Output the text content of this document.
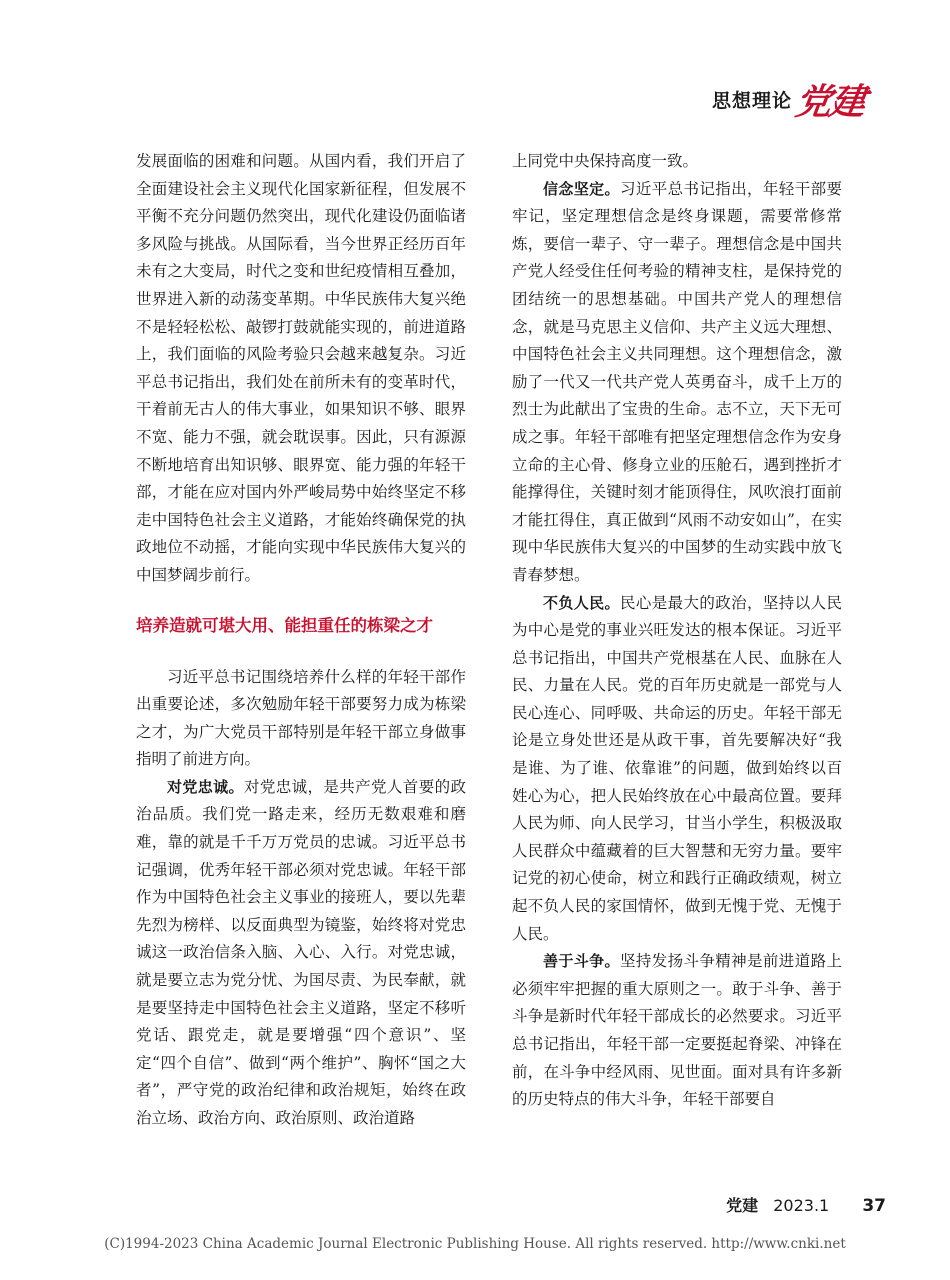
思想理论 党建

发展面临的困难和问题。从国内看，我们开启了全面建设社会主义现代化国家新征程，但发展不平衡不充分问题仍然突出，现代化建设仍面临诸多风险与挑战。从国际看，当今世界正经历百年未有之大变局，时代之变和世纪疫情相互叠加，世界进入新的动荡变革期。中华民族伟大复兴绝不是轻轻松松、敲锣打鼓就能实现的，前进道路上，我们面临的风险考验只会越来越复杂。习近平总书记指出，我们处在前所未有的变革时代，干着前无古人的伟大事业，如果知识不够、眼界不宽、能力不强，就会耽误事。因此，只有源源不断地培育出知识够、眼界宽、能力强的年轻干部，才能在应对国内外严峻局势中始终坚定不移走中国特色社会主义道路，才能始终确保党的执政地位不动摇，才能向实现中华民族伟大复兴的中国梦阔步前行。

培养造就可堪大用、能担重任的栋梁之才

习近平总书记围绕培养什么样的年轻干部作出重要论述，多次勉励年轻干部要努力成为栋梁之才，为广大党员干部特别是年轻干部立身做事指明了前进方向。

对党忠诚。对党忠诚，是共产党人首要的政治品质。我们党一路走来，经历无数艰难和磨难，靠的就是千千万万党员的忠诚。习近平总书记强调，优秀年轻干部必须对党忠诚。年轻干部作为中国特色社会主义事业的接班人，要以先辈先烈为榜样、以反面典型为镜鉴，始终将对党忠诚这一政治信条入脑、入心、入行。对党忠诚，就是要立志为党分忧、为国尽责、为民奉献，就是要坚持走中国特色社会主义道路，坚定不移听党话、跟党走，就是要增强“四个意识”、坚定“四个自信”、做到“两个维护”、胸怀“国之大者”，严守党的政治纪律和政治规矩，始终在政治立场、政治方向、政治原则、政治道路

上同党中央保持高度一致。

信念坚定。习近平总书记指出，年轻干部要牢记，坚定理想信念是终身课题，需要常修常炼，要信一辈子、守一辈子。理想信念是中国共产党人经受住任何考验的精神支柱，是保持党的团结统一的思想基础。中国共产党人的理想信念，就是马克思主义信仰、共产主义远大理想、中国特色社会主义共同理想。这个理想信念，激励了一代又一代共产党人英勇奋斗，成千上万的烈士为此献出了宝贵的生命。志不立，天下无可成之事。年轻干部唯有把坚定理想信念作为安身立命的主心骨、修身立业的压舱石，遇到挫折才能撑得住，关键时刻才能顶得住，风吹浪打面前才能扛得住，真正做到“风雨不动安如山”，在实现中华民族伟大复兴的中国梦的生动实践中放飞青春梦想。

不负人民。民心是最大的政治，坚持以人民为中心是党的事业兴旺发达的根本保证。习近平总书记指出，中国共产党根基在人民、血脉在人民、力量在人民。党的百年历史就是一部党与人民心连心、同呼吸、共命运的历史。年轻干部无论是立身处世还是从政干事，首先要解决好“我是谁、为了谁、依靠谁”的问题，做到始终以百姓心为心，把人民始终放在心中最高位置。要拜人民为师、向人民学习，甘当小学生，积极汲取人民群众中蕴藏着的巨大智慧和无穷力量。要牢记党的初心使命，树立和践行正确政绩观，树立起不负人民的家国情怀，做到无愧于党、无愧于人民。

善于斗争。坚持发扬斗争精神是前进道路上必须牢牢把握的重大原则之一。敢于斗争、善于斗争是新时代年轻干部成长的必然要求。习近平总书记指出，年轻干部一定要挺起脊梁、冲锋在前，在斗争中经风雨、见世面。面对具有许多新的历史特点的伟大斗争，年轻干部要自

党建 2023.1 37
(C)1994-2023 China Academic Journal Electronic Publishing House. All rights reserved. http://www.cnki.net
